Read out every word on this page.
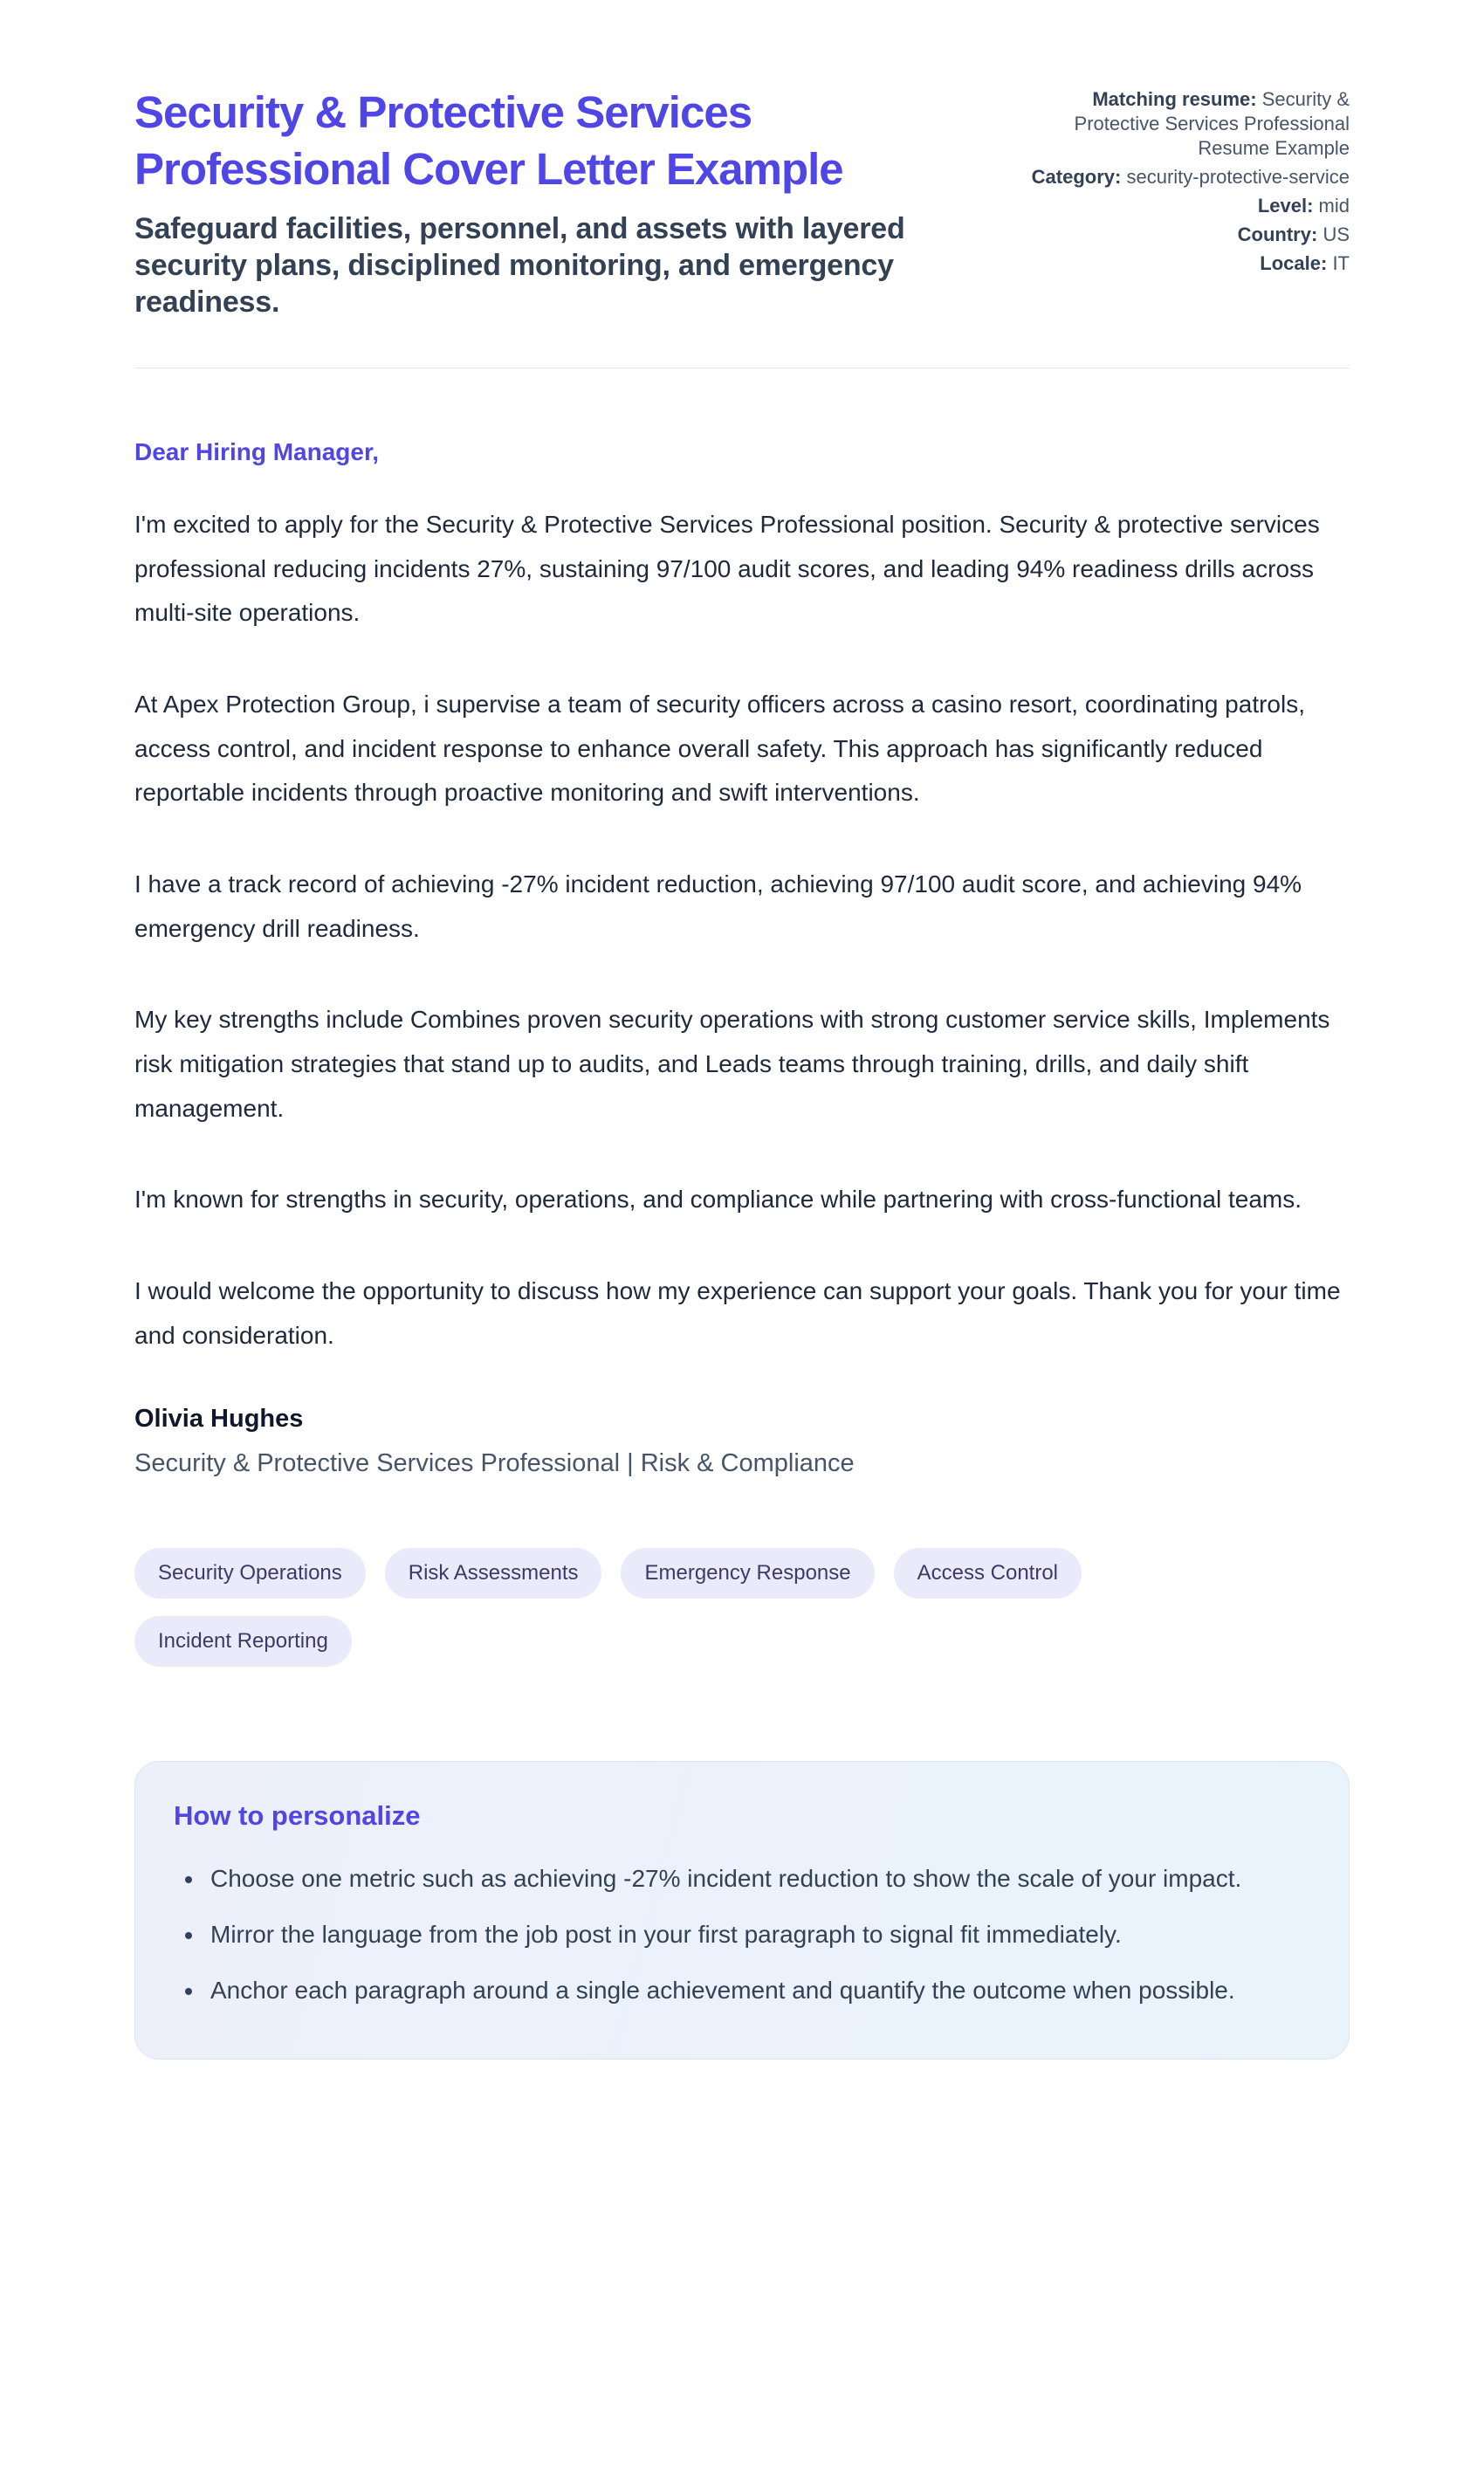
Security & Protective Services Professional Cover Letter Example

Safeguard facilities, personnel, and assets with layered security plans, disciplined monitoring, and emergency readiness.

Matching resume: Security & Protective Services Professional Resume Example
Category: security-protective-service
Level: mid
Country: US
Locale: IT

Dear Hiring Manager,

I'm excited to apply for the Security & Protective Services Professional position. Security & protective services professional reducing incidents 27%, sustaining 97/100 audit scores, and leading 94% readiness drills across multi-site operations.

At Apex Protection Group, i supervise a team of security officers across a casino resort, coordinating patrols, access control, and incident response to enhance overall safety. This approach has significantly reduced reportable incidents through proactive monitoring and swift interventions.

I have a track record of achieving -27% incident reduction, achieving 97/100 audit score, and achieving 94% emergency drill readiness.

My key strengths include Combines proven security operations with strong customer service skills, Implements risk mitigation strategies that stand up to audits, and Leads teams through training, drills, and daily shift management.

I'm known for strengths in security, operations, and compliance while partnering with cross-functional teams.

I would welcome the opportunity to discuss how my experience can support your goals. Thank you for your time and consideration.

Olivia Hughes

Security & Protective Services Professional | Risk & Compliance

Security Operations	Risk Assessments	Emergency Response	Access Control
Incident Reporting
How to personalize
• Choose one metric such as achieving -27% incident reduction to show the scale of your impact.
• Mirror the language from the job post in your first paragraph to signal fit immediately.
• Anchor each paragraph around a single achievement and quantify the outcome when possible.
